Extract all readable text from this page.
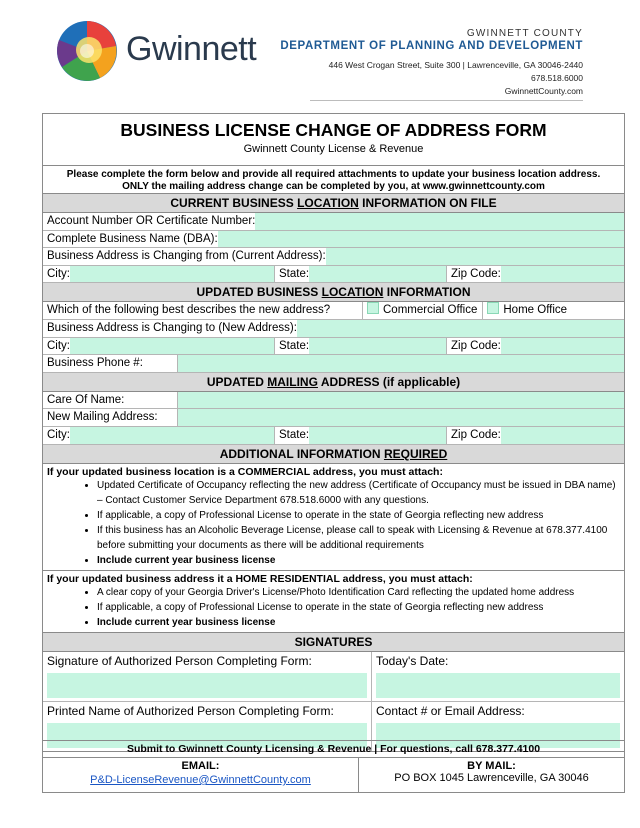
Gwinnett	GWINNETT COUNTY
DEPARTMENT OF PLANNING AND DEVELOPMENT
446 West Crogan Street, Suite 300 | Lawrenceville, GA 30046-2440
678.518.6000
GwinnettCounty.com
BUSINESS LICENSE CHANGE OF ADDRESS FORM
Gwinnett County License & Revenue
Please complete the form below and provide all required attachments to update your business location address.
ONLY the mailing address change can be completed by you, at www.gwinnettcounty.com
CURRENT BUSINESS LOCATION INFORMATION ON FILE
Account Number OR Certificate Number:
Complete Business Name (DBA):
Business Address is Changing from (Current Address):
City:	State:	Zip Code:
UPDATED BUSINESS LOCATION INFORMATION
Which of the following best describes the new address?	Commercial Office Home Office
Business Address is Changing to (New Address):
City:	State:	Zip Code:
Business Phone #:
UPDATED MAILING ADDRESS (if applicable)
Care Of Name:
New Mailing Address:
City:	State:	Zip Code:
ADDITIONAL INFORMATION REQUIRED
If your updated business location is a COMMERCIAL address, you must attach:
• Updated Certificate of Occupancy reflecting the new address (Certificate of Occupancy must be issued in DBA name) – Contact Customer Service Department 678.518.6000 with any questions.
• If applicable, a copy of Professional License to operate in the state of Georgia reflecting new address
• If this business has an Alcoholic Beverage License, please call to speak with Licensing & Revenue at 678.377.4100 before submitting your documents as there will be additional requirements
• Include current year business license
If your updated business address it a HOME RESIDENTIAL address, you must attach:
• A clear copy of your Georgia Driver's License/Photo Identification Card reflecting the updated home address
• If applicable, a copy of Professional License to operate in the state of Georgia reflecting new address
• Include current year business license
SIGNATURES
Signature of Authorized Person Completing Form:	Today's Date:
Printed Name of Authorized Person Completing Form:	Contact # or Email Address:
Submit to Gwinnett County Licensing & Revenue | For questions, call 678.377.4100
EMAIL:
P&D-LicenseRevenue@GwinnettCounty.com
BY MAIL:
PO BOX 1045 Lawrenceville, GA 30046
